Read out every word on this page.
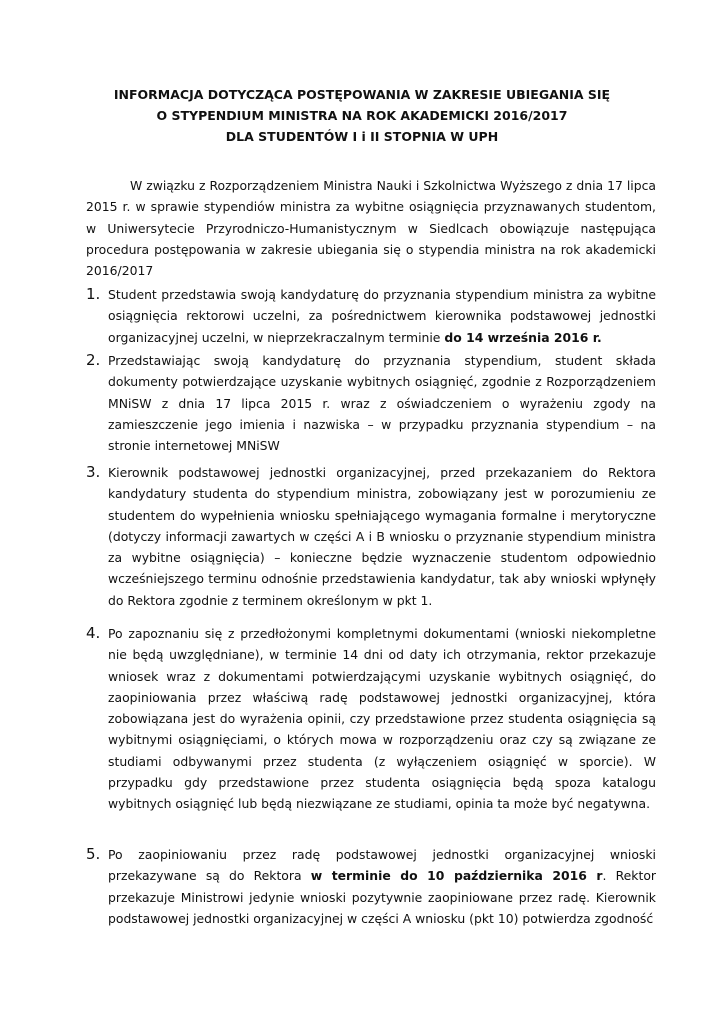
INFORMACJA DOTYCZĄCA POSTĘPOWANIA W ZAKRESIE UBIEGANIA SIĘ
O STYPENDIUM MINISTRA NA ROK AKADEMICKI 2016/2017
DLA STUDENTÓW I i II STOPNIA W UPH

W związku z Rozporządzeniem Ministra Nauki i Szkolnictwa Wyższego z dnia 17 lipca 2015 r. w sprawie stypendiów ministra za wybitne osiągnięcia przyznawanych studentom, w Uniwersytecie Przyrodniczo-Humanistycznym w Siedlcach obowiązuje następująca procedura postępowania w zakresie ubiegania się o stypendia ministra na rok akademicki 2016/2017

1. Student przedstawia swoją kandydaturę do przyznania stypendium ministra za wybitne osiągnięcia rektorowi uczelni, za pośrednictwem kierownika podstawowej jednostki organizacyjnej uczelni, w nieprzekraczalnym terminie do 14 września 2016 r.
2. Przedstawiając swoją kandydaturę do przyznania stypendium, student składa dokumenty potwierdzające uzyskanie wybitnych osiągnięć, zgodnie z Rozporządzeniem MNiSW z dnia 17 lipca 2015 r. wraz z oświadczeniem o wyrażeniu zgody na zamieszczenie jego imienia i nazwiska – w przypadku przyznania stypendium – na stronie internetowej MNiSW
3. Kierownik podstawowej jednostki organizacyjnej, przed przekazaniem do Rektora kandydatury studenta do stypendium ministra, zobowiązany jest w porozumieniu ze studentem do wypełnienia wniosku spełniającego wymagania formalne i merytoryczne (dotyczy informacji zawartych w części A i B wniosku o przyznanie stypendium ministra za wybitne osiągnięcia) – konieczne będzie wyznaczenie studentom odpowiednio wcześniejszego terminu odnośnie przedstawienia kandydatur, tak aby wnioski wpłynęły do Rektora zgodnie z terminem określonym w pkt 1.
4. Po zapoznaniu się z przedłożonymi kompletnymi dokumentami (wnioski niekompletne nie będą uwzględniane), w terminie 14 dni od daty ich otrzymania, rektor przekazuje wniosek wraz z dokumentami potwierdzającymi uzyskanie wybitnych osiągnięć, do zaopiniowania przez właściwą radę podstawowej jednostki organizacyjnej, która zobowiązana jest do wyrażenia opinii, czy przedstawione przez studenta osiągnięcia są wybitnymi osiągnięciami, o których mowa w rozporządzeniu oraz czy są związane ze studiami odbywanymi przez studenta (z wyłączeniem osiągnięć w sporcie). W przypadku gdy przedstawione przez studenta osiągnięcia będą spoza katalogu wybitnych osiągnięć lub będą niezwiązane ze studiami, opinia ta może być negatywna.
5. Po zaopiniowaniu przez radę podstawowej jednostki organizacyjnej wnioski przekazywane są do Rektora w terminie do 10 października 2016 r. Rektor przekazuje Ministrowi jedynie wnioski pozytywnie zaopiniowane przez radę. Kierownik podstawowej jednostki organizacyjnej w części A wniosku (pkt 10) potwierdza zgodność
